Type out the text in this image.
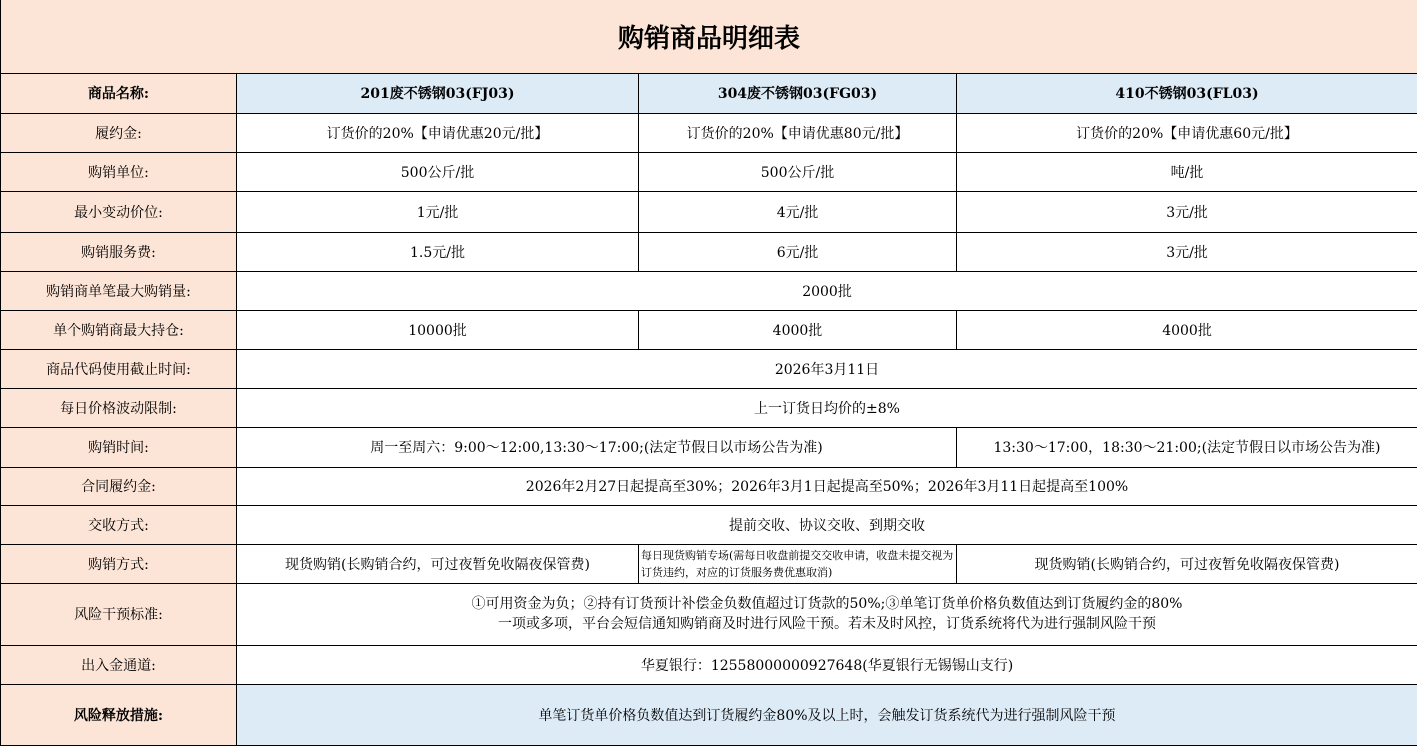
购销商品明细表			
商品名称:	201废不锈钢03(FJ03)	304废不锈钢03(FG03)	410不锈钢03(FL03)
履约金:	订货价的20%【申请优惠20元/批】	订货价的20%【申请优惠80元/批】	订货价的20%【申请优惠60元/批】
购销单位:	500公斤/批	500公斤/批	吨/批
最小变动价位:	1元/批	4元/批	3元/批
购销服务费:	1.5元/批	6元/批	3元/批
购销商单笔最大购销量:	2000批		
单个购销商最大持仓:	10000批	4000批	4000批
商品代码使用截止时间:	2026年3月11日		
每日价格波动限制:	上一订货日均价的±8%		
购销时间:	周一至周六：9:00～12:00,13:30～17:00;(法定节假日以市场公告为准)		13:30～17:00，18:30～21:00;(法定节假日以市场公告为准)
合同履约金:	2026年2月27日起提高至30%；2026年3月1日起提高至50%；2026年3月11日起提高至100%		
交收方式:	提前交收、协议交收、到期交收		
购销方式:	现货购销(长购销合约，可过夜暂免收隔夜保管费)	每日现货购销专场(需每日收盘前提交交收申请，收盘未提交视为订货违约，对应的订货服务费优惠取消)	现货购销(长购销合约，可过夜暂免收隔夜保管费)
风险干预标准:	①可用资金为负；②持有订货预计补偿金负数值超过订货款的50%;③单笔订货单价格负数值达到订货履约金的80%
一项或多项，平台会短信通知购销商及时进行风险干预。若未及时风控，订货系统将代为进行强制风险干预		

出入金通道:	华夏银行：12558000000927648(华夏银行无锡锡山支行)		
风险释放措施:	单笔订货单价格负数值达到订货履约金80%及以上时，会触发订货系统代为进行强制风险干预		
